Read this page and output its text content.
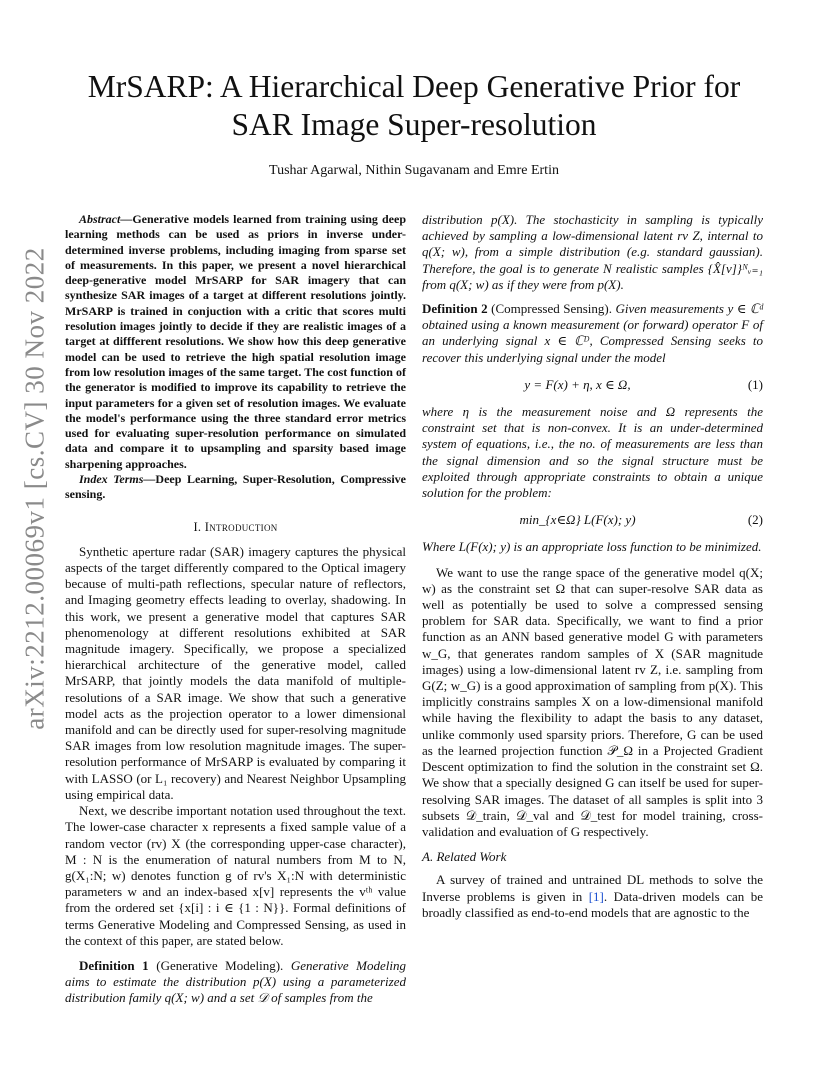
arXiv:2212.00069v1 [cs.CV] 30 Nov 2022
MrSARP: A Hierarchical Deep Generative Prior for
SAR Image Super-resolution
Tushar Agarwal, Nithin Sugavanam and Emre Ertin

Abstract—Generative models learned from training using deep learning methods can be used as priors in inverse under-determined inverse problems, including imaging from sparse set of measurements. In this paper, we present a novel hierarchical deep-generative model MrSARP for SAR imagery that can synthesize SAR images of a target at different resolutions jointly. MrSARP is trained in conjuction with a critic that scores multi resolution images jointly to decide if they are realistic images of a target at diffferent resolutions. We show how this deep generative model can be used to retrieve the high spatial resolution image from low resolution images of the same target. The cost function of the generator is modified to improve its capability to retrieve the input parameters for a given set of resolution images. We evaluate the model's performance using the three standard error metrics used for evaluating super-resolution performance on simulated data and compare it to upsampling and sparsity based image sharpening approaches.

Index Terms—Deep Learning, Super-Resolution, Compressive sensing.

I. Introduction

Synthetic aperture radar (SAR) imagery captures the physical aspects of the target differently compared to the Optical imagery because of multi-path reflections, specular nature of reflectors, and Imaging geometry effects leading to overlay, shadowing. In this work, we present a generative model that captures SAR phenomenology at different resolutions exhibited at SAR magnitude imagery. Specifically, we propose a specialized hierarchical architecture of the generative model, called MrSARP, that jointly models the data manifold of multiple-resolutions of a SAR image. We show that such a generative model acts as the projection operator to a lower dimensional manifold and can be directly used for super-resolving magnitude SAR images from low resolution magnitude images. The super-resolution performance of MrSARP is evaluated by comparing it with LASSO (or L₁ recovery) and Nearest Neighbor Upsampling using empirical data.

Next, we describe important notation used throughout the text. The lower-case character x represents a fixed sample value of a random vector (rv) X (the corresponding upper-case character), M : N is the enumeration of natural numbers from M to N, g(X₁:N; w) denotes function g of rv's X₁:N with deterministic parameters w and an index-based x[v] represents the vᵗʰ value from the ordered set {x[i] : i ∈ {1 : N}}. Formal definitions of terms Generative Modeling and Compressed Sensing, as used in the context of this paper, are stated below.

Definition 1 (Generative Modeling). Generative Modeling aims to estimate the distribution p(X) using a parameterized distribution family q(X; w) and a set 𝒟 of samples from the

distribution p(X). The stochasticity in sampling is typically achieved by sampling a low-dimensional latent rv Z, internal to q(X; w), from a simple distribution (e.g. standard gaussian). Therefore, the goal is to generate N realistic samples {X̂[v]}ᴺᵥ₌₁ from q(X; w) as if they were from p(X).

Definition 2 (Compressed Sensing). Given measurements y ∈ ℂᵈ obtained using a known measurement (or forward) operator F of an underlying signal x ∈ ℂᴰ, Compressed Sensing seeks to recover this underlying signal under the model

y = F(x) + η, x ∈ Ω,	(1)

where η is the measurement noise and Ω represents the constraint set that is non-convex. It is an under-determined system of equations, i.e., the no. of measurements are less than the signal dimension and so the signal structure must be exploited through appropriate constraints to obtain a unique solution for the problem:

min_{x∈Ω} L(F(x); y)	(2)

Where L(F(x); y) is an appropriate loss function to be minimized.

We want to use the range space of the generative model q(X; w) as the constraint set Ω that can super-resolve SAR data as well as potentially be used to solve a compressed sensing problem for SAR data. Specifically, we want to find a prior function as an ANN based generative model G with parameters w_G, that generates random samples of X (SAR magnitude images) using a low-dimensional latent rv Z, i.e. sampling from G(Z; w_G) is a good approximation of sampling from p(X). This implicitly constrains samples X on a low-dimensional manifold while having the flexibility to adapt the basis to any dataset, unlike commonly used sparsity priors. Therefore, G can be used as the learned projection function 𝒫_Ω in a Projected Gradient Descent optimization to find the solution in the constraint set Ω. We show that a specially designed G can itself be used for super-resolving SAR images. The dataset of all samples is split into 3 subsets 𝒟_train, 𝒟_val and 𝒟_test for model training, cross-validation and evaluation of G respectively.

A. Related Work

A survey of trained and untrained DL methods to solve the Inverse problems is given in [1]. Data-driven models can be broadly classified as end-to-end models that are agnostic to the
